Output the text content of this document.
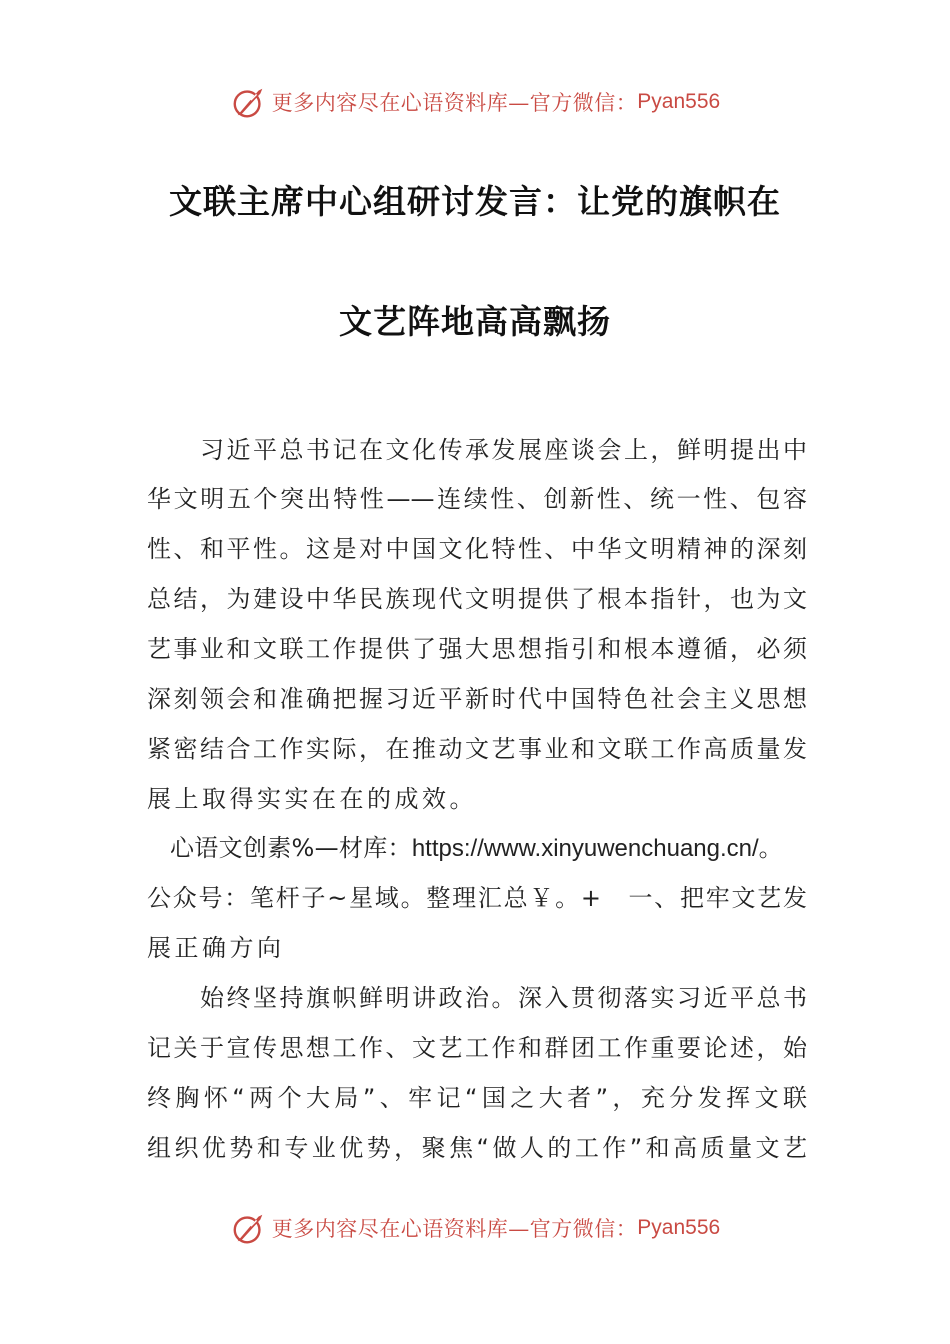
更多内容尽在心语资料库—官方微信： Pyan556
文联主席中心组研讨发言：让党的旗帜在
文艺阵地高高飘扬
　　习近平总书记在文化传承发展座谈会上，鲜明提出中
华文明五个突出特性——连续性、创新性、统一性、包容
性、和平性。这是对中国文化特性、中华文明精神的深刻
总结，为建设中华民族现代文明提供了根本指针，也为文
艺事业和文联工作提供了强大思想指引和根本遵循，必须
深刻领会和准确把握习近平新时代中国特色社会主义思想
紧密结合工作实际，在推动文艺事业和文联工作高质量发
展上取得实实在在的成效。
心语文创素%—材库：https://www.xinyuwenchuang.cn/。
公众号：笔杆子~星域。整理汇总￥。+　一、把牢文艺发
展正确方向
　　始终坚持旗帜鲜明讲政治。深入贯彻落实习近平总书
记关于宣传思想工作、文艺工作和群团工作重要论述，始
终胸怀“两个大局”、牢记“国之大者”，充分发挥文联
组织优势和专业优势，聚焦“做人的工作”和高质量文艺
更多内容尽在心语资料库—官方微信： Pyan556
